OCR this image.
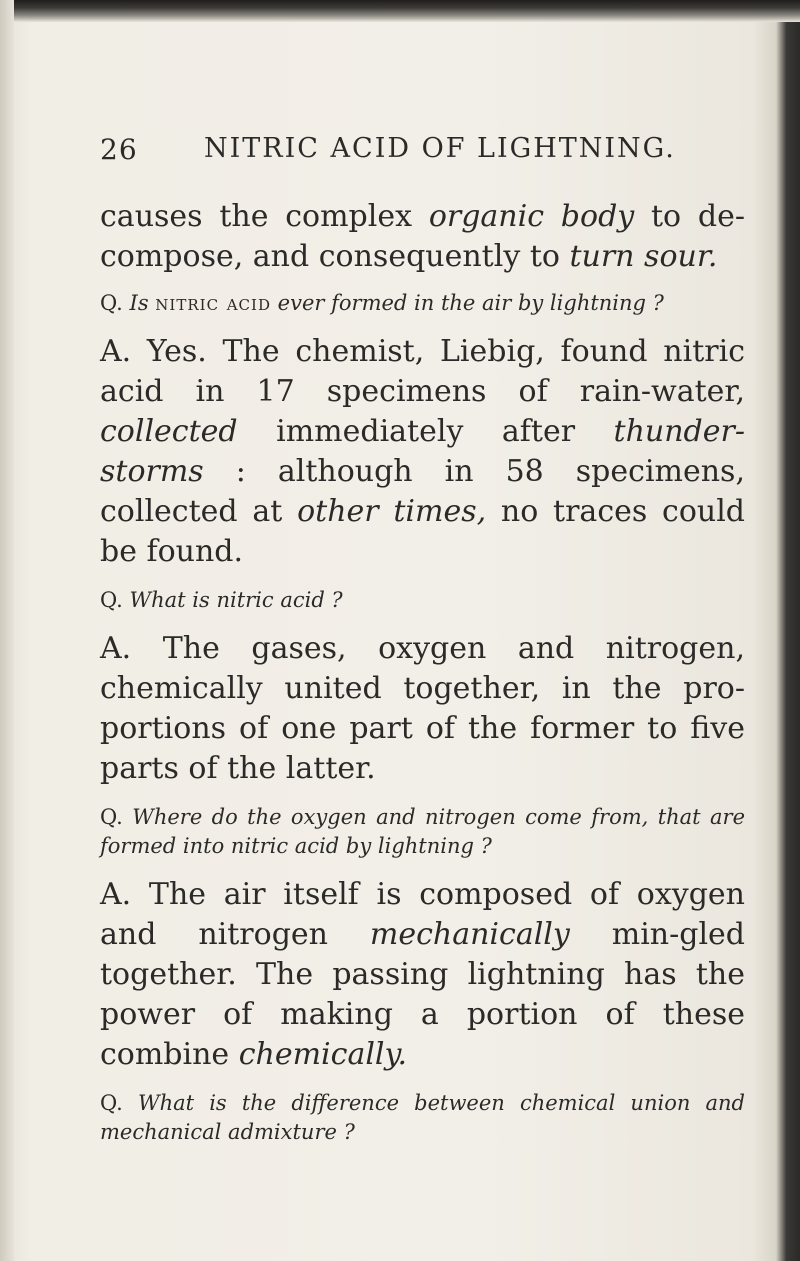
26 NITRIC ACID OF LIGHTNING.

causes the complex organic body to de-compose, and consequently to turn sour.

Q. Is nitric acid ever formed in the air by lightning ?

A. Yes. The chemist, Liebig, found nitric acid in 17 specimens of rain-water, collected immediately after thunder-storms : although in 58 specimens, collected at other times, no traces could be found.

Q. What is nitric acid ?

A. The gases, oxygen and nitrogen, chemically united together, in the pro-portions of one part of the former to five parts of the latter.

Q. Where do the oxygen and nitrogen come from, that are formed into nitric acid by lightning ?

A. The air itself is composed of oxygen and nitrogen mechanically min-gled together. The passing lightning has the power of making a portion of these combine chemically.

Q. What is the difference between chemical union and mechanical admixture ?
